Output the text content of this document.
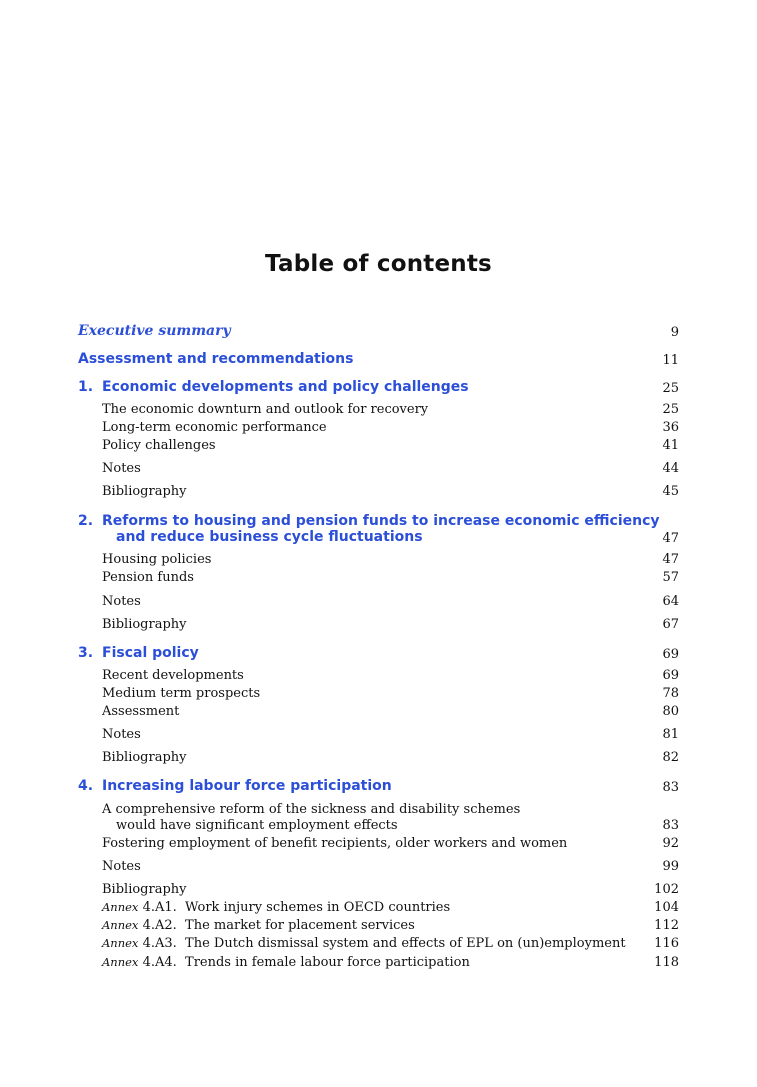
Table of contents
Executive summary	9
Assessment and recommendations	11
1. Economic developments and policy challenges	25
The economic downturn and outlook for recovery	25
Long-term economic performance	36
Policy challenges	41
Notes	44
Bibliography	45
2. Reforms to housing and pension funds to increase economic efficiency
and reduce business cycle fluctuations	47
Housing policies	47
Pension funds	57
Notes	64
Bibliography	67
3. Fiscal policy	69
Recent developments	69
Medium term prospects	78
Assessment	80
Notes	81
Bibliography	82
4. Increasing labour force participation	83
A comprehensive reform of the sickness and disability schemes
would have significant employment effects	83
Fostering employment of benefit recipients, older workers and women	92
Notes	99
Bibliography	102
Annex 4.A1. Work injury schemes in OECD countries	104
Annex 4.A2. The market for placement services	112
Annex 4.A3. The Dutch dismissal system and effects of EPL on (un)employment 116
Annex 4.A4. Trends in female labour force participation	118
